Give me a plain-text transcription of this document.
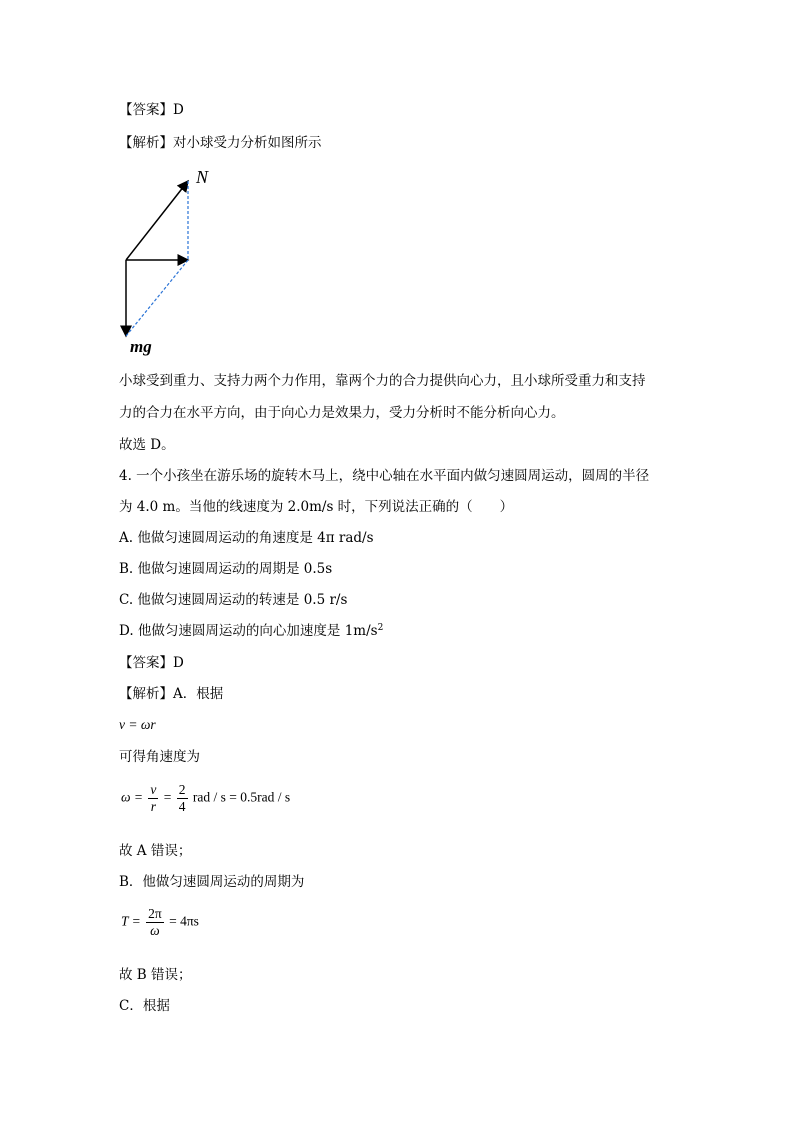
【答案】D
【解析】对小球受力分析如图所示
N
mg
小球受到重力、支持力两个力作用，靠两个力的合力提供向心力，且小球所受重力和支持
力的合力在水平方向，由于向心力是效果力，受力分析时不能分析向心力。
故选 D。
4. 一个小孩坐在游乐场的旋转木马上，绕中心轴在水平面内做匀速圆周运动，圆周的半径
为 4.0 m。当他的线速度为 2.0m/s 时，下列说法正确的（　　）
A. 他做匀速圆周运动的角速度是 4π rad/s
B. 他做匀速圆周运动的周期是 0.5s
C. 他做匀速圆周运动的转速是 0.5 r/s
D. 他做匀速圆周运动的向心加速度是 $1m/s^2$
【答案】D
【解析】A．根据
v = ωr
可得角速度为
$\omega = \frac{v}{r} = \frac{2}{4}$ rad / s = 0.5rad / s
故 A 错误；
B．他做匀速圆周运动的周期为
$T = \frac{2\pi}{\omega} = 4\pi s$
故 B 错误；
C．根据
